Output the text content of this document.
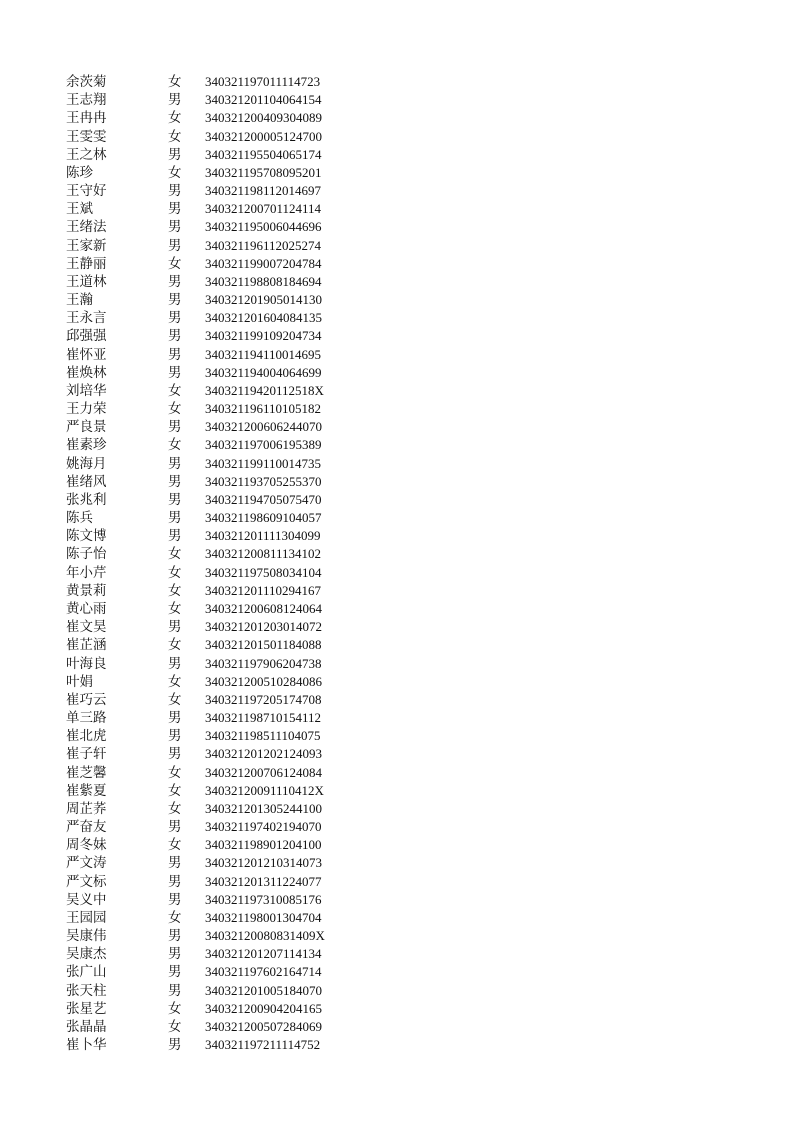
余茨菊	女	340321197011114723
王志翔	男	340321201104064154
王冉冉	女	340321200409304089
王雯雯	女	340321200005124700
王之林	男	340321195504065174
陈珍	女	340321195708095201
王守好	男	340321198112014697
王斌	男	340321200701124114
王绪法	男	340321195006044696
王家新	男	340321196112025274
王静丽	女	340321199007204784
王道林	男	340321198808184694
王瀚	男	340321201905014130
王永言	男	340321201604084135
邱强强	男	340321199109204734
崔怀亚	男	340321194110014695
崔焕林	男	340321194004064699
刘培华	女	34032119420112518X
王力荣	女	340321196110105182
严良景	男	340321200606244070
崔素珍	女	340321197006195389
姚海月	男	340321199110014735
崔绪风	男	340321193705255370
张兆利	男	340321194705075470
陈兵	男	340321198609104057
陈文博	男	340321201111304099
陈子怡	女	340321200811134102
年小芹	女	340321197508034104
黄景莉	女	340321201110294167
黄心雨	女	340321200608124064
崔文昊	男	340321201203014072
崔芷涵	女	340321201501184088
叶海良	男	340321197906204738
叶娟	女	340321200510284086
崔巧云	女	340321197205174708
单三路	男	340321198710154112
崔北虎	男	340321198511104075
崔子轩	男	340321201202124093
崔芝馨	女	340321200706124084
崔紫夏	女	34032120091110412X
周芷荞	女	340321201305244100
严奋友	男	340321197402194070
周冬妹	女	340321198901204100
严文涛	男	340321201210314073
严文标	男	340321201311224077
吴义中	男	340321197310085176
王园园	女	340321198001304704
吴康伟	男	34032120080831409X
吴康杰	男	340321201207114134
张广山	男	340321197602164714
张天柱	男	340321201005184070
张星艺	女	340321200904204165
张晶晶	女	340321200507284069
崔卜华	男	340321197211114752
